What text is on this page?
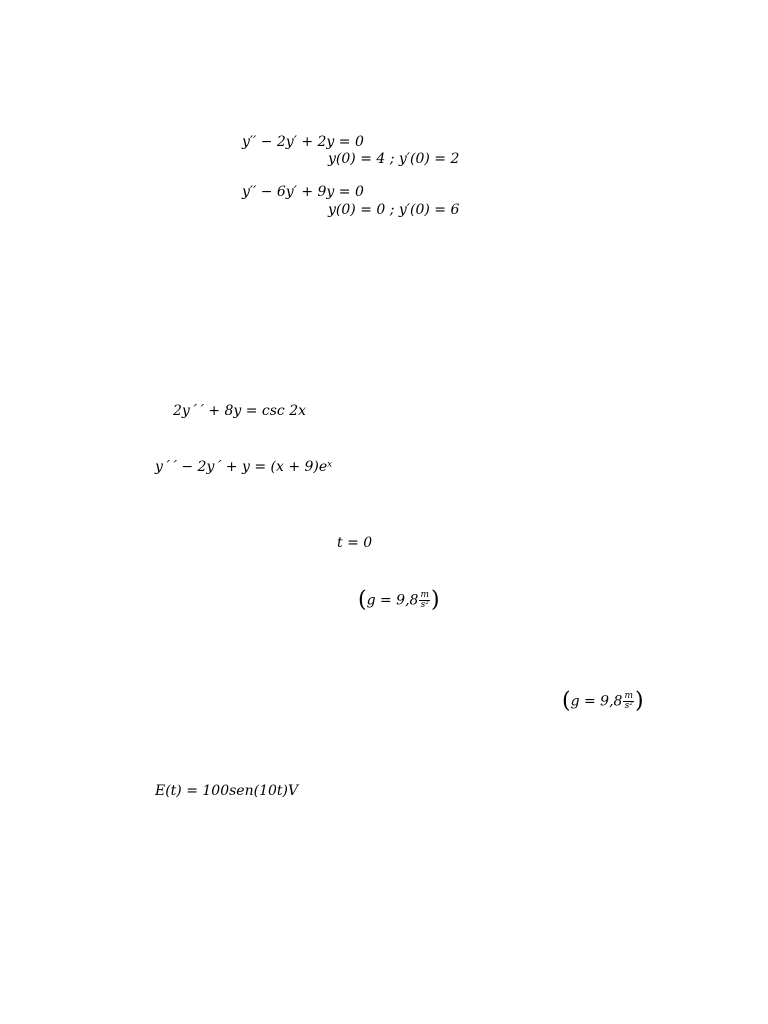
y′′ − 2y′ + 2y = 0
y(0) = 4 ; y′(0) = 2
y′′ − 6y′ + 9y = 0
y(0) = 0 ; y′(0) = 6
2y´´ + 8y = csc 2x
y´´ − 2y´ + y = (x + 9)eˣ
t = 0
($g = 9,8 \frac{m}{\text{s²}}$ )
($g = 9,8 \frac{m}{\text{s²}}$ )
E(t) = 100sen(10t)V
